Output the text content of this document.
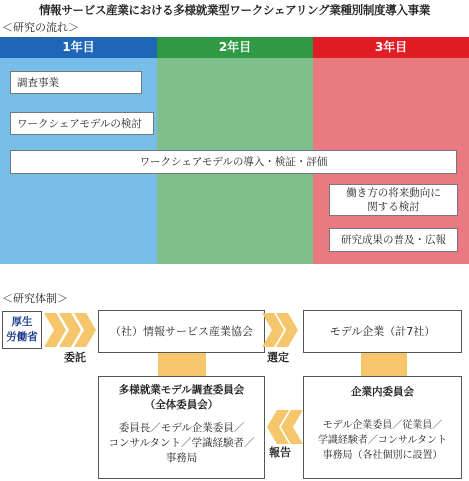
情報サービス産業における多様就業型ワークシェアリング業種別制度導入事業
＜研究の流れ＞
1年目	2年目	3年目
調査事業
ワークシェアモデルの検討
ワークシェアモデルの導入・検証・評価
働き方の将来動向に
関する検討
研究成果の普及・広報
＜研究体制＞
厚生
労働省
委託
（社）情報サービス産業協会
選定
モデル企業（計7社）
多様就業モデル調査委員会
（全体委員会）
委員長／モデル企業委員／
コンサルタント／学識経験者／
事務局	報告
企業内委員会
モデル企業委員／従業員／
学識経験者／コンサルタント
事務局（各社個別に設置）
